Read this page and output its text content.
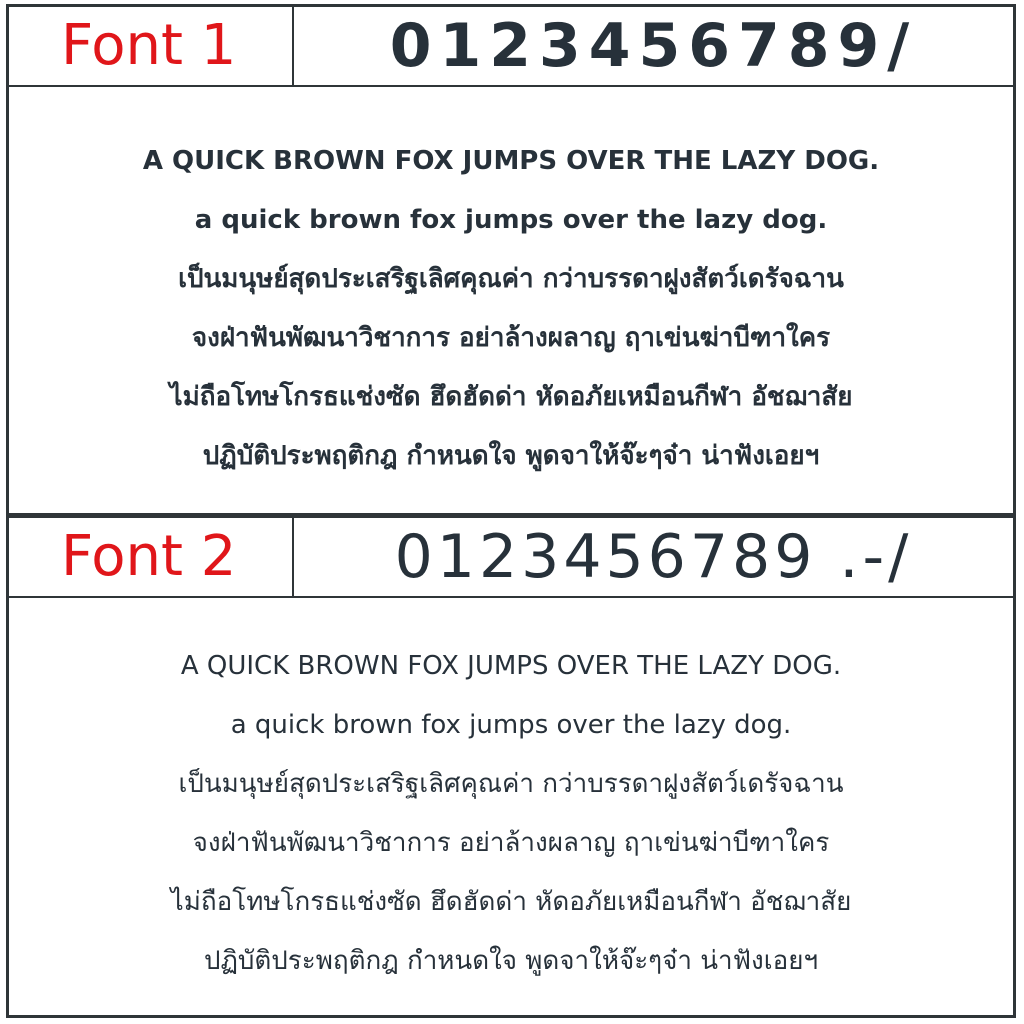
Font 1	0123456789/
A QUICK BROWN FOX JUMPS OVER THE LAZY DOG.
a quick brown fox jumps over the lazy dog.
เป็นมนุษย์สุดประเสริฐเลิศคุณค่า กว่าบรรดาฝูงสัตว์เดรัจฉาน
จงฝ่าฟันพัฒนาวิชาการ อย่าล้างผลาญ ฤาเข่นฆ่าบีฑาใคร
ไม่ถือโทษโกรธแช่งซัด ฮึดฮัดด่า หัดอภัยเหมือนกีฬา อัชฌาสัย
ปฏิบัติประพฤติกฎ กำหนดใจ พูดจาให้จ๊ะๆจ๋า น่าฟังเอยฯ
Font 2	0123456789 .-/
A QUICK BROWN FOX JUMPS OVER THE LAZY DOG.
a quick brown fox jumps over the lazy dog.
เป็นมนุษย์สุดประเสริฐเลิศคุณค่า กว่าบรรดาฝูงสัตว์เดรัจฉาน
จงฝ่าฟันพัฒนาวิชาการ อย่าล้างผลาญ ฤาเข่นฆ่าบีฑาใคร
ไม่ถือโทษโกรธแช่งซัด ฮึดฮัดด่า หัดอภัยเหมือนกีฬา อัชฌาสัย
ปฏิบัติประพฤติกฎ กำหนดใจ พูดจาให้จ๊ะๆจ๋า น่าฟังเอยฯ
